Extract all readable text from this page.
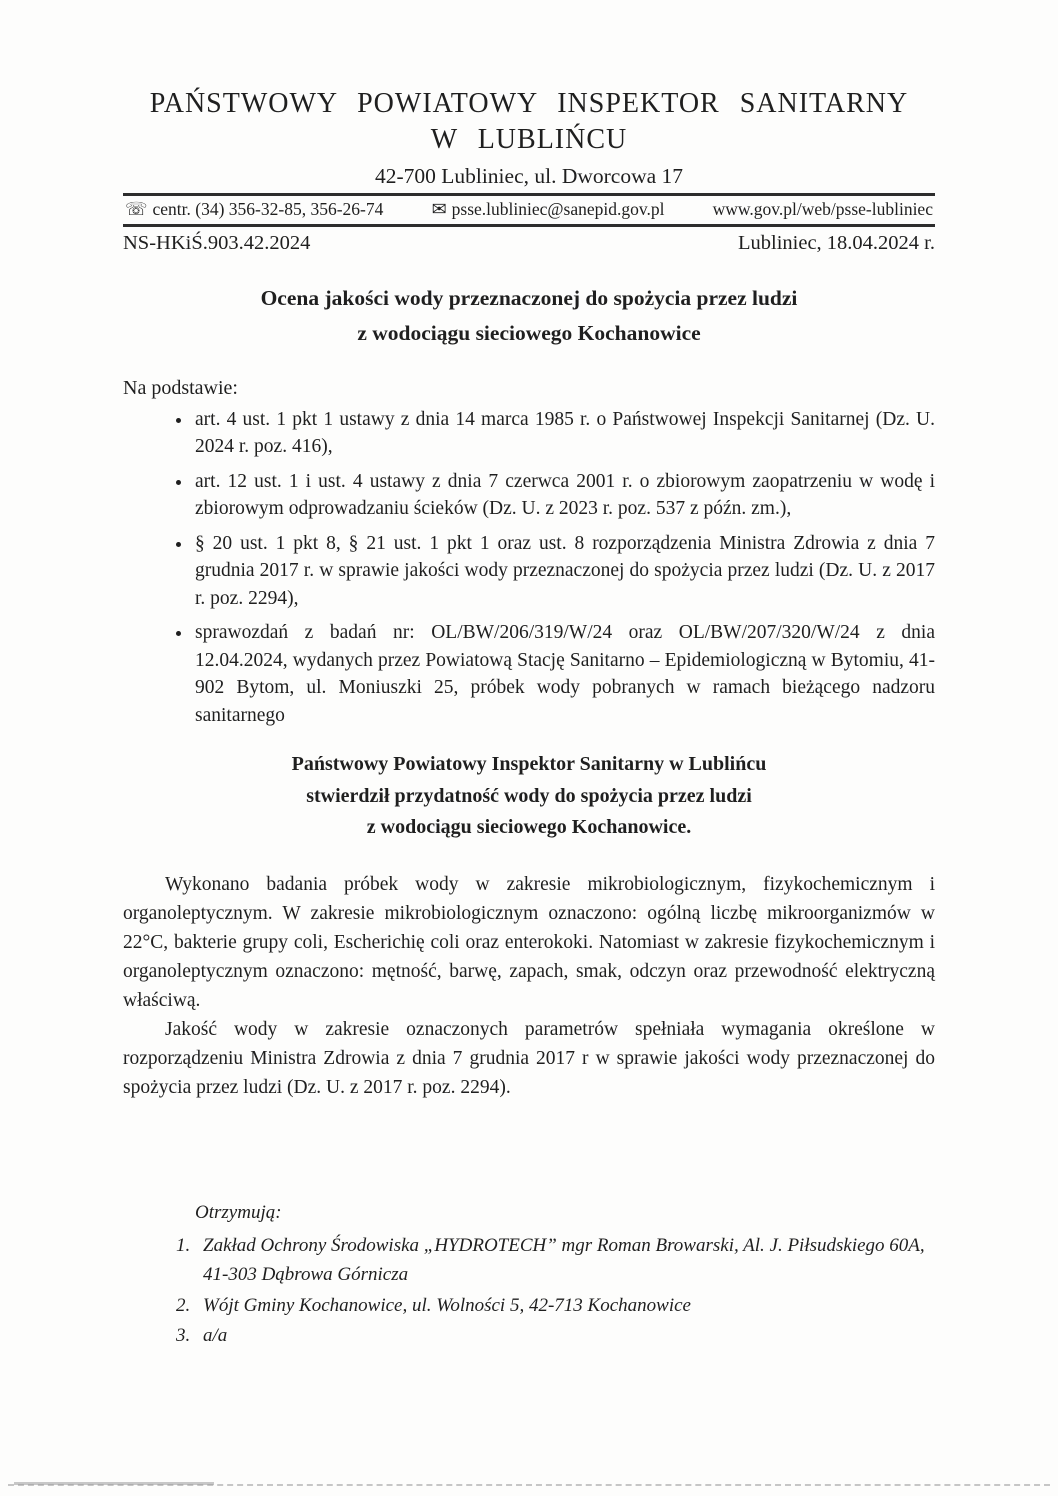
PAŃSTWOWY POWIATOWY INSPEKTOR SANITARNY
W LUBLIŃCU
42-700 Lubliniec, ul. Dworcowa 17
☏ centr. (34) 356-32-85, 356-26-74	✉ psse.lubliniec@sanepid.gov.pl	www.gov.pl/web/psse-lubliniec
NS-HKiŚ.903.42.2024	Lubliniec, 18.04.2024 r.
Ocena jakości wody przeznaczonej do spożycia przez ludzi
z wodociągu sieciowego Kochanowice
Na podstawie:
• art. 4 ust. 1 pkt 1 ustawy z dnia 14 marca 1985 r. o Państwowej Inspekcji Sanitarnej (Dz. U. 2024 r. poz. 416),
• art. 12 ust. 1 i ust. 4 ustawy z dnia 7 czerwca 2001 r. o zbiorowym zaopatrzeniu w wodę i zbiorowym odprowadzaniu ścieków (Dz. U. z 2023 r. poz. 537 z późn. zm.),
• § 20 ust. 1 pkt 8, § 21 ust. 1 pkt 1 oraz ust. 8 rozporządzenia Ministra Zdrowia z dnia 7 grudnia 2017 r. w sprawie jakości wody przeznaczonej do spożycia przez ludzi (Dz. U. z 2017 r. poz. 2294),
• sprawozdań z badań nr: OL/BW/206/319/W/24 oraz OL/BW/207/320/W/24 z dnia 12.04.2024, wydanych przez Powiatową Stację Sanitarno – Epidemiologiczną w Bytomiu, 41-902 Bytom, ul. Moniuszki 25, próbek wody pobranych w ramach bieżącego nadzoru sanitarnego
Państwowy Powiatowy Inspektor Sanitarny w Lublińcu
stwierdził przydatność wody do spożycia przez ludzi
z wodociągu sieciowego Kochanowice.

Wykonano badania próbek wody w zakresie mikrobiologicznym, fizykochemicznym i organoleptycznym. W zakresie mikrobiologicznym oznaczono: ogólną liczbę mikroorganizmów w 22°C, bakterie grupy coli, Escherichię coli oraz enterokoki. Natomiast w zakresie fizykochemicznym i organoleptycznym oznaczono: mętność, barwę, zapach, smak, odczyn oraz przewodność elektryczną właściwą.

Jakość wody w zakresie oznaczonych parametrów spełniała wymagania określone w rozporządzeniu Ministra Zdrowia z dnia 7 grudnia 2017 r w sprawie jakości wody przeznaczonej do spożycia przez ludzi (Dz. U. z 2017 r. poz. 2294).

Otrzymują:
1. Zakład Ochrony Środowiska „HYDROTECH” mgr Roman Browarski, Al. J. Piłsudskiego 60A, 41-303 Dąbrowa Górnicza
2. Wójt Gminy Kochanowice, ul. Wolności 5, 42-713 Kochanowice
3. a/a
